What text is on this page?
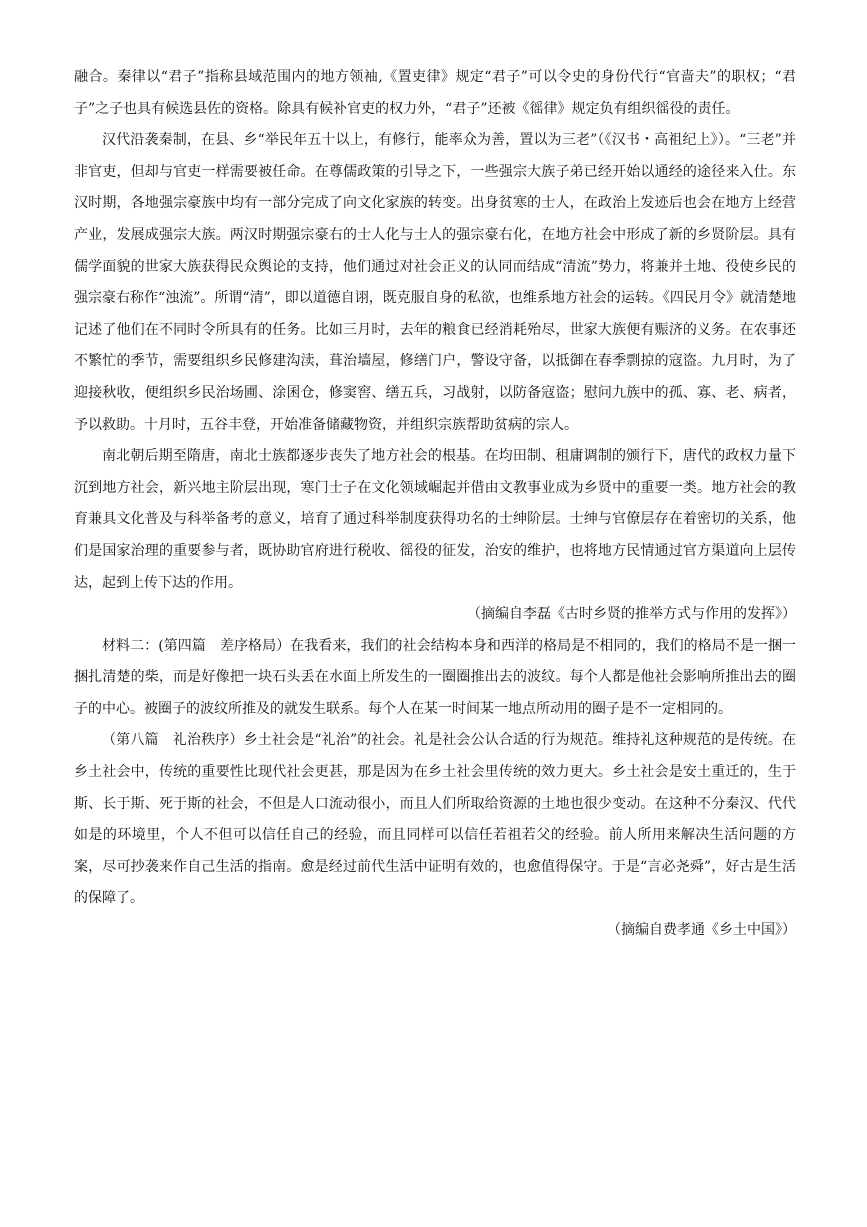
融合。秦律以“君子”指称县域范围内的地方领袖,《置吏律》规定“君子”可以令史的身份代行“官啬夫”的职权；“君子”之子也具有候选县佐的资格。除具有候补官吏的权力外，“君子”还被《徭律》规定负有组织徭役的责任。

汉代沿袭秦制，在县、乡“举民年五十以上，有修行，能率众为善，置以为三老”（《汉书・高祖纪上》）。“三老”并非官吏，但却与官吏一样需要被任命。在尊儒政策的引导之下，一些强宗大族子弟已经开始以通经的途径来入仕。东汉时期，各地强宗豪族中均有一部分完成了向文化家族的转变。出身贫寒的士人，在政治上发迹后也会在地方上经营产业，发展成强宗大族。两汉时期强宗豪右的士人化与士人的强宗豪右化，在地方社会中形成了新的乡贤阶层。具有儒学面貌的世家大族获得民众舆论的支持，他们通过对社会正义的认同而结成“清流”势力，将兼并土地、役使乡民的强宗豪右称作“浊流”。所谓“清”，即以道德自诩，既克服自身的私欲，也维系地方社会的运转。《四民月令》就清楚地记述了他们在不同时令所具有的任务。比如三月时，去年的粮食已经消耗殆尽，世家大族便有赈济的义务。在农事还不繁忙的季节，需要组织乡民修建沟渎，葺治墙屋，修缮门户，警设守备，以抵御在春季剽掠的寇盗。九月时，为了迎接秋收，便组织乡民治场圃、涂囷仓，修窦窖、缮五兵，习战射，以防备寇盗；慰问九族中的孤、寡、老、病者，予以救助。十月时，五谷丰登，开始准备储藏物资，并组织宗族帮助贫病的宗人。

南北朝后期至隋唐，南北士族都逐步丧失了地方社会的根基。在均田制、租庸调制的颁行下，唐代的政权力量下沉到地方社会，新兴地主阶层出现，寒门士子在文化领域崛起并借由文教事业成为乡贤中的重要一类。地方社会的教育兼具文化普及与科举备考的意义，培育了通过科举制度获得功名的士绅阶层。士绅与官僚层存在着密切的关系，他们是国家治理的重要参与者，既协助官府进行税收、徭役的征发，治安的维护，也将地方民情通过官方渠道向上层传达，起到上传下达的作用。

（摘编自李磊《古时乡贤的推举方式与作用的发挥》）

材料二：(第四篇　差序格局）在我看来，我们的社会结构本身和西洋的格局是不相同的，我们的格局不是一捆一捆扎清楚的柴，而是好像把一块石头丢在水面上所发生的一圈圈推出去的波纹。每个人都是他社会影响所推出去的圈子的中心。被圈子的波纹所推及的就发生联系。每个人在某一时间某一地点所动用的圈子是不一定相同的。

（第八篇　礼治秩序）乡土社会是“礼治”的社会。礼是社会公认合适的行为规范。维持礼这种规范的是传统。在乡土社会中，传统的重要性比现代社会更甚，那是因为在乡土社会里传统的效力更大。乡土社会是安土重迁的，生于斯、长于斯、死于斯的社会，不但是人口流动很小，而且人们所取给资源的土地也很少变动。在这种不分秦汉、代代如是的环境里，个人不但可以信任自己的经验，而且同样可以信任若祖若父的经验。前人所用来解决生活问题的方案，尽可抄袭来作自己生活的指南。愈是经过前代生活中证明有效的，也愈值得保守。于是“言必尧舜”，好古是生活的保障了。

（摘编自费孝通《乡土中国》）
